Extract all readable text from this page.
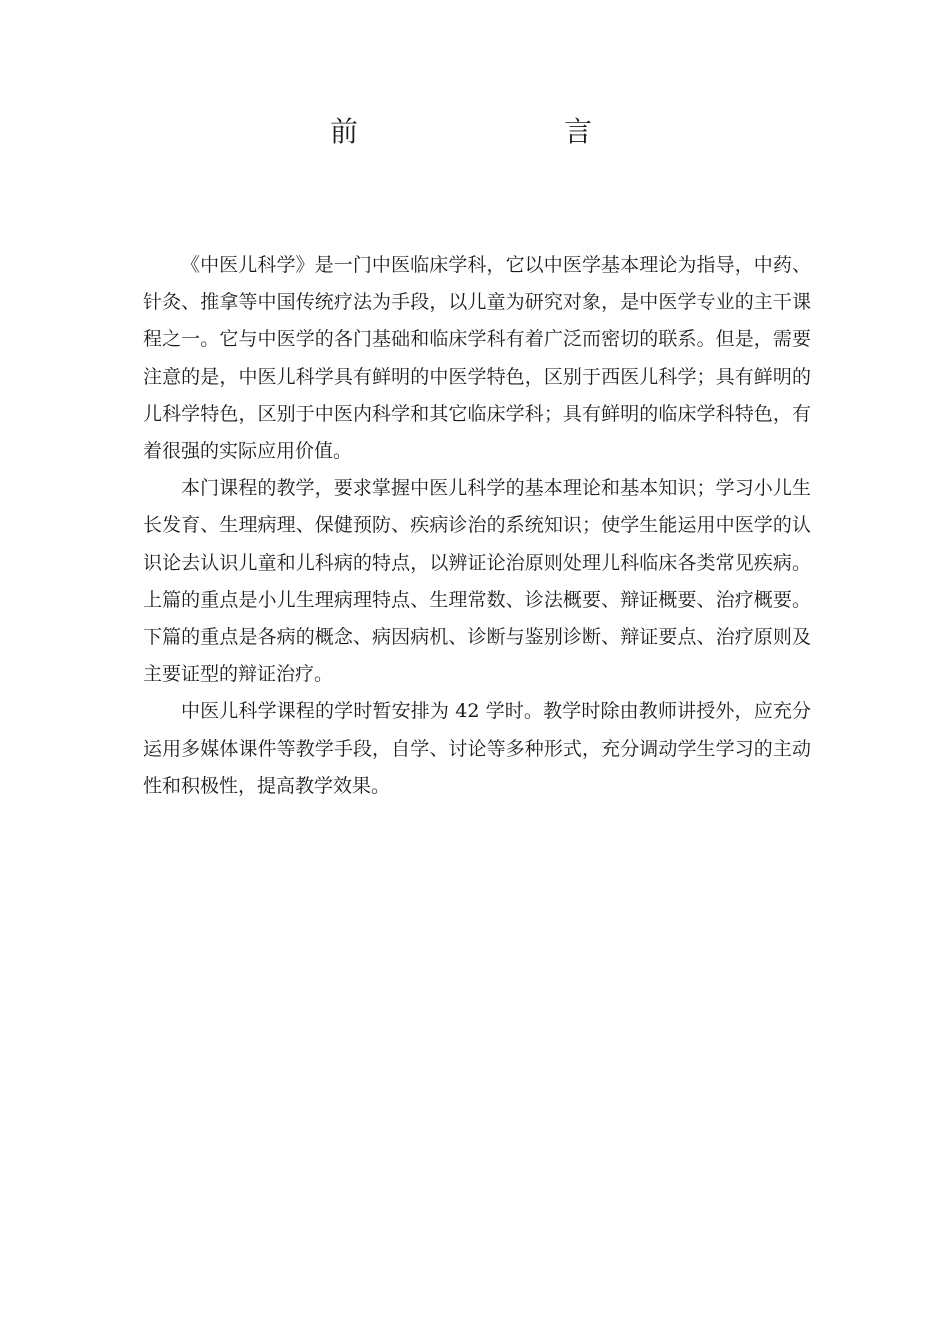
前　　言

《中医儿科学》是一门中医临床学科，它以中医学基本理论为指导，中药、针灸、推拿等中国传统疗法为手段，以儿童为研究对象，是中医学专业的主干课程之一。它与中医学的各门基础和临床学科有着广泛而密切的联系。但是，需要注意的是，中医儿科学具有鲜明的中医学特色，区别于西医儿科学；具有鲜明的儿科学特色，区别于中医内科学和其它临床学科；具有鲜明的临床学科特色，有着很强的实际应用价值。

本门课程的教学，要求掌握中医儿科学的基本理论和基本知识；学习小儿生长发育、生理病理、保健预防、疾病诊治的系统知识；使学生能运用中医学的认识论去认识儿童和儿科病的特点，以辨证论治原则处理儿科临床各类常见疾病。上篇的重点是小儿生理病理特点、生理常数、诊法概要、辩证概要、治疗概要。下篇的重点是各病的概念、病因病机、诊断与鉴别诊断、辩证要点、治疗原则及主要证型的辩证治疗。

中医儿科学课程的学时暂安排为 42 学时。教学时除由教师讲授外，应充分运用多媒体课件等教学手段，自学、讨论等多种形式，充分调动学生学习的主动性和积极性，提高教学效果。
